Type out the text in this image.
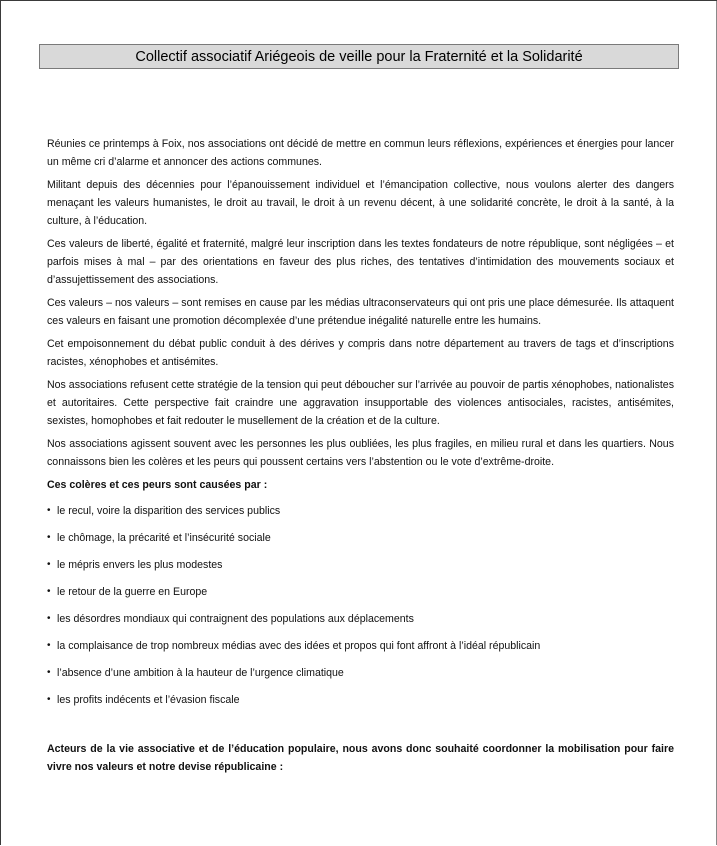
Collectif associatif Ariégeois de veille pour la Fraternité et la Solidarité

Réunies ce printemps à Foix, nos associations ont décidé de mettre en commun leurs réflexions, expériences et énergies pour lancer un même cri d’alarme et annoncer des actions communes.

Militant depuis des décennies pour l’épanouissement individuel et l’émancipation collective, nous voulons alerter des dangers menaçant les valeurs humanistes, le droit au travail, le droit à un revenu décent, à une solidarité concrète, le droit à la santé, à la culture, à l’éducation.

Ces valeurs de liberté, égalité et fraternité, malgré leur inscription dans les textes fondateurs de notre république, sont négligées – et parfois mises à mal – par des orientations en faveur des plus riches, des tentatives d’intimidation des mouvements sociaux et d’assujettissement des associations.

Ces valeurs – nos valeurs – sont remises en cause par les médias ultraconservateurs qui ont pris une place démesurée. Ils attaquent ces valeurs en faisant une promotion décomplexée d’une prétendue inégalité naturelle entre les humains.

Cet empoisonnement du débat public conduit à des dérives y compris dans notre département au travers de tags et d’inscriptions racistes, xénophobes et antisémites.

Nos associations refusent cette stratégie de la tension qui peut déboucher sur l’arrivée au pouvoir de partis xénophobes, nationalistes et autoritaires. Cette perspective fait craindre une aggravation insupportable des violences antisociales, racistes, antisémites, sexistes, homophobes et fait redouter le musellement de la création et de la culture.

Nos associations agissent souvent avec les personnes les plus oubliées, les plus fragiles, en milieu rural et dans les quartiers. Nous connaissons bien les colères et les peurs qui poussent certains vers l’abstention ou le vote d’extrême-droite.

Ces colères et ces peurs sont causées par :

• le recul, voire la disparition des services publics
• le chômage, la précarité et l’insécurité sociale
• le mépris envers les plus modestes
• le retour de la guerre en Europe
• les désordres mondiaux qui contraignent des populations aux déplacements
• la complaisance de trop nombreux médias avec des idées et propos qui font affront à l’idéal républicain
• l’absence d’une ambition à la hauteur de l’urgence climatique
• les profits indécents et l’évasion fiscale

Acteurs de la vie associative et de l’éducation populaire, nous avons donc souhaité coordonner la mobilisation pour faire vivre nos valeurs et notre devise républicaine :
